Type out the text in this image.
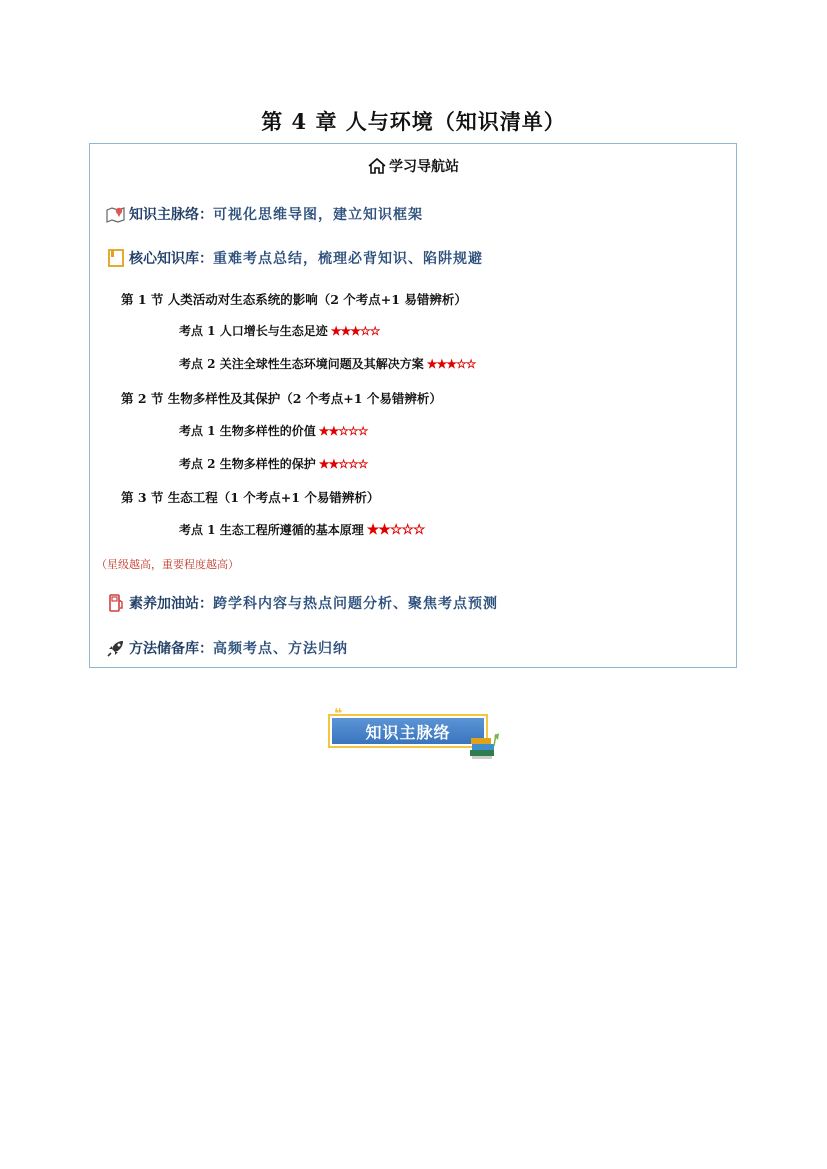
第 4 章 人与环境（知识清单）
学习导航站
知识主脉络 ： 可视化思维导图，建立知识框架
核心知识库 ： 重难考点总结，梳理必背知识、陷阱规避
第 1 节 人类活动对生态系统的影响（2 个考点+1 易错辨析）
考点 1 人口增长与生态足迹 ★★★☆☆
考点 2 关注全球性生态环境问题及其解决方案 ★★★☆☆
第 2 节 生物多样性及其保护（2 个考点+1 个易错辨析）
考点 1 生物多样性的价值 ★★☆☆☆
考点 2 生物多样性的保护 ★★☆☆☆
第 3 节 生态工程（1 个考点+1 个易错辨析）
考点 1 生态工程所遵循的基本原理 ★★☆☆☆
（星级越高，重要程度越高）
素养加油站 ： 跨学科内容与热点问题分析、聚焦考点预测
方法储备库 ： 高频考点、方法归纳
知识主脉络
❝
